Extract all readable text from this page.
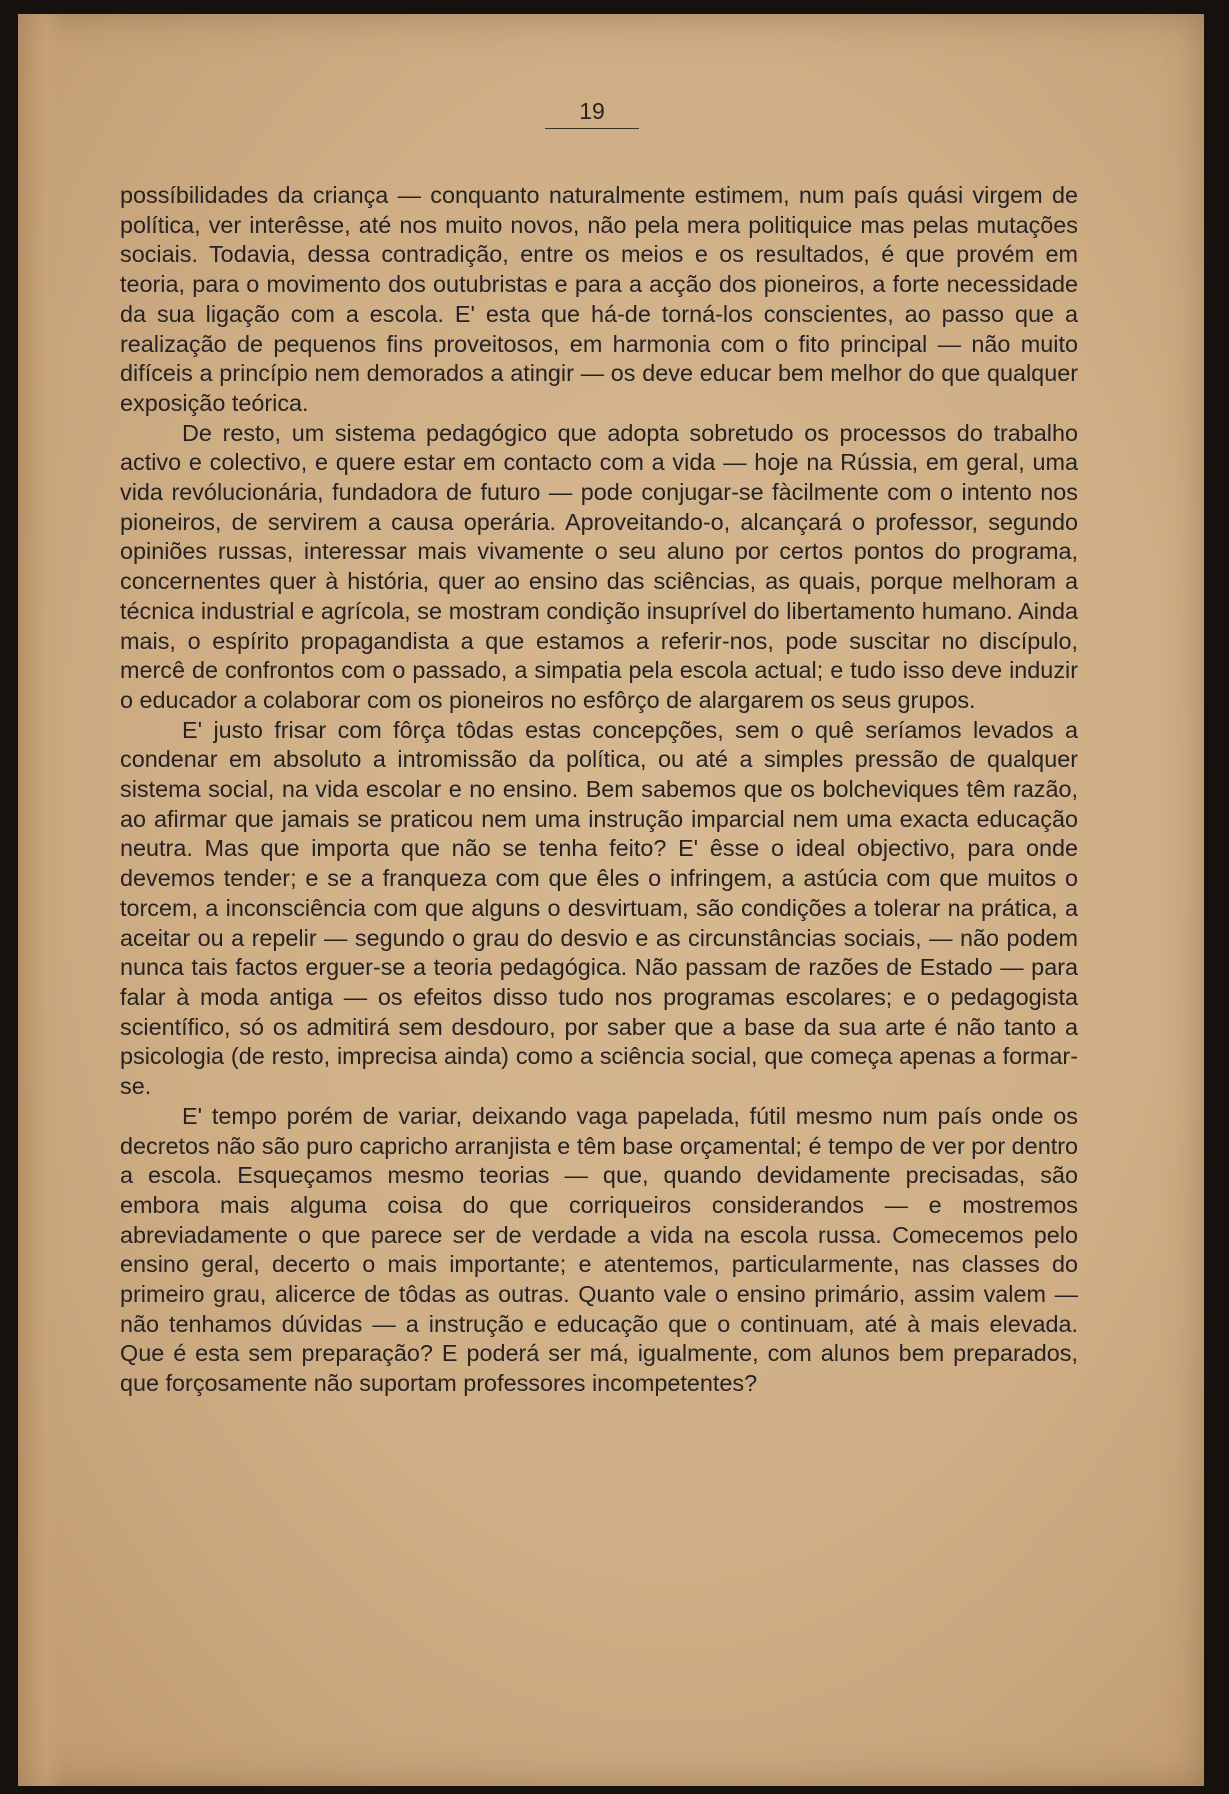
19

possíbilidades da criança — conquanto naturalmente estimem, num país quási virgem de política, ver interêsse, até nos muito novos, não pela mera politiquice mas pelas mutações sociais. Todavia, dessa contradição, entre os meios e os resultados, é que provém em teoria, para o movimento dos outubristas e para a acção dos pioneiros, a forte necessidade da sua ligação com a escola. E' esta que há-de torná-los conscientes, ao passo que a realização de pequenos fins proveitosos, em harmonia com o fito principal — não muito difíceis a princípio nem demorados a atingir — os deve educar bem melhor do que qualquer exposição teórica.

De resto, um sistema pedagógico que adopta sobretudo os processos do trabalho activo e colectivo, e quere estar em contacto com a vida — hoje na Rússia, em geral, uma vida revólucionária, fundadora de futuro — pode conjugar-se fàcilmente com o intento nos pioneiros, de servirem a causa operária. Aproveitando-o, alcançará o professor, segundo opiniões russas, interessar mais vivamente o seu aluno por certos pontos do programa, concernentes quer à história, quer ao ensino das sciências, as quais, porque melhoram a técnica industrial e agrícola, se mostram condição insuprível do libertamento humano. Ainda mais, o espírito propagandista a que estamos a referir-nos, pode suscitar no discípulo, mercê de confrontos com o passado, a simpatia pela escola actual; e tudo isso deve induzir o educador a colaborar com os pioneiros no esfôrço de alargarem os seus grupos.

E' justo frisar com fôrça tôdas estas concepções, sem o quê seríamos levados a condenar em absoluto a intromissão da política, ou até a simples pressão de qualquer sistema social, na vida escolar e no ensino. Bem sabemos que os bolcheviques têm razão, ao afirmar que jamais se praticou nem uma instrução imparcial nem uma exacta educação neutra. Mas que importa que não se tenha feito? E' êsse o ideal objectivo, para onde devemos tender; e se a franqueza com que êles o infringem, a astúcia com que muitos o torcem, a inconsciência com que alguns o desvirtuam, são condições a tolerar na prática, a aceitar ou a repelir — segundo o grau do desvio e as circunstâncias sociais, — não podem nunca tais factos erguer-se a teoria pedagógica. Não passam de razões de Estado — para falar à moda antiga — os efeitos disso tudo nos programas escolares; e o pedagogista scientífico, só os admitirá sem desdouro, por saber que a base da sua arte é não tanto a psicologia (de resto, imprecisa ainda) como a sciência social, que começa apenas a formar-se.

E' tempo porém de variar, deixando vaga papelada, fútil mesmo num país onde os decretos não são puro capricho arranjista e têm base orçamental; é tempo de ver por dentro a escola. Esqueçamos mesmo teorias — que, quando devidamente precisadas, são embora mais alguma coisa do que corriqueiros considerandos — e mostremos abreviadamente o que parece ser de verdade a vida na escola russa. Comecemos pelo ensino geral, decerto o mais importante; e atentemos, particularmente, nas classes do primeiro grau, alicerce de tôdas as outras. Quanto vale o ensino primário, assim valem — não tenhamos dúvidas — a instrução e educação que o continuam, até à mais elevada. Que é esta sem preparação? E poderá ser má, igualmente, com alunos bem preparados, que forçosamente não suportam professores incompetentes?
